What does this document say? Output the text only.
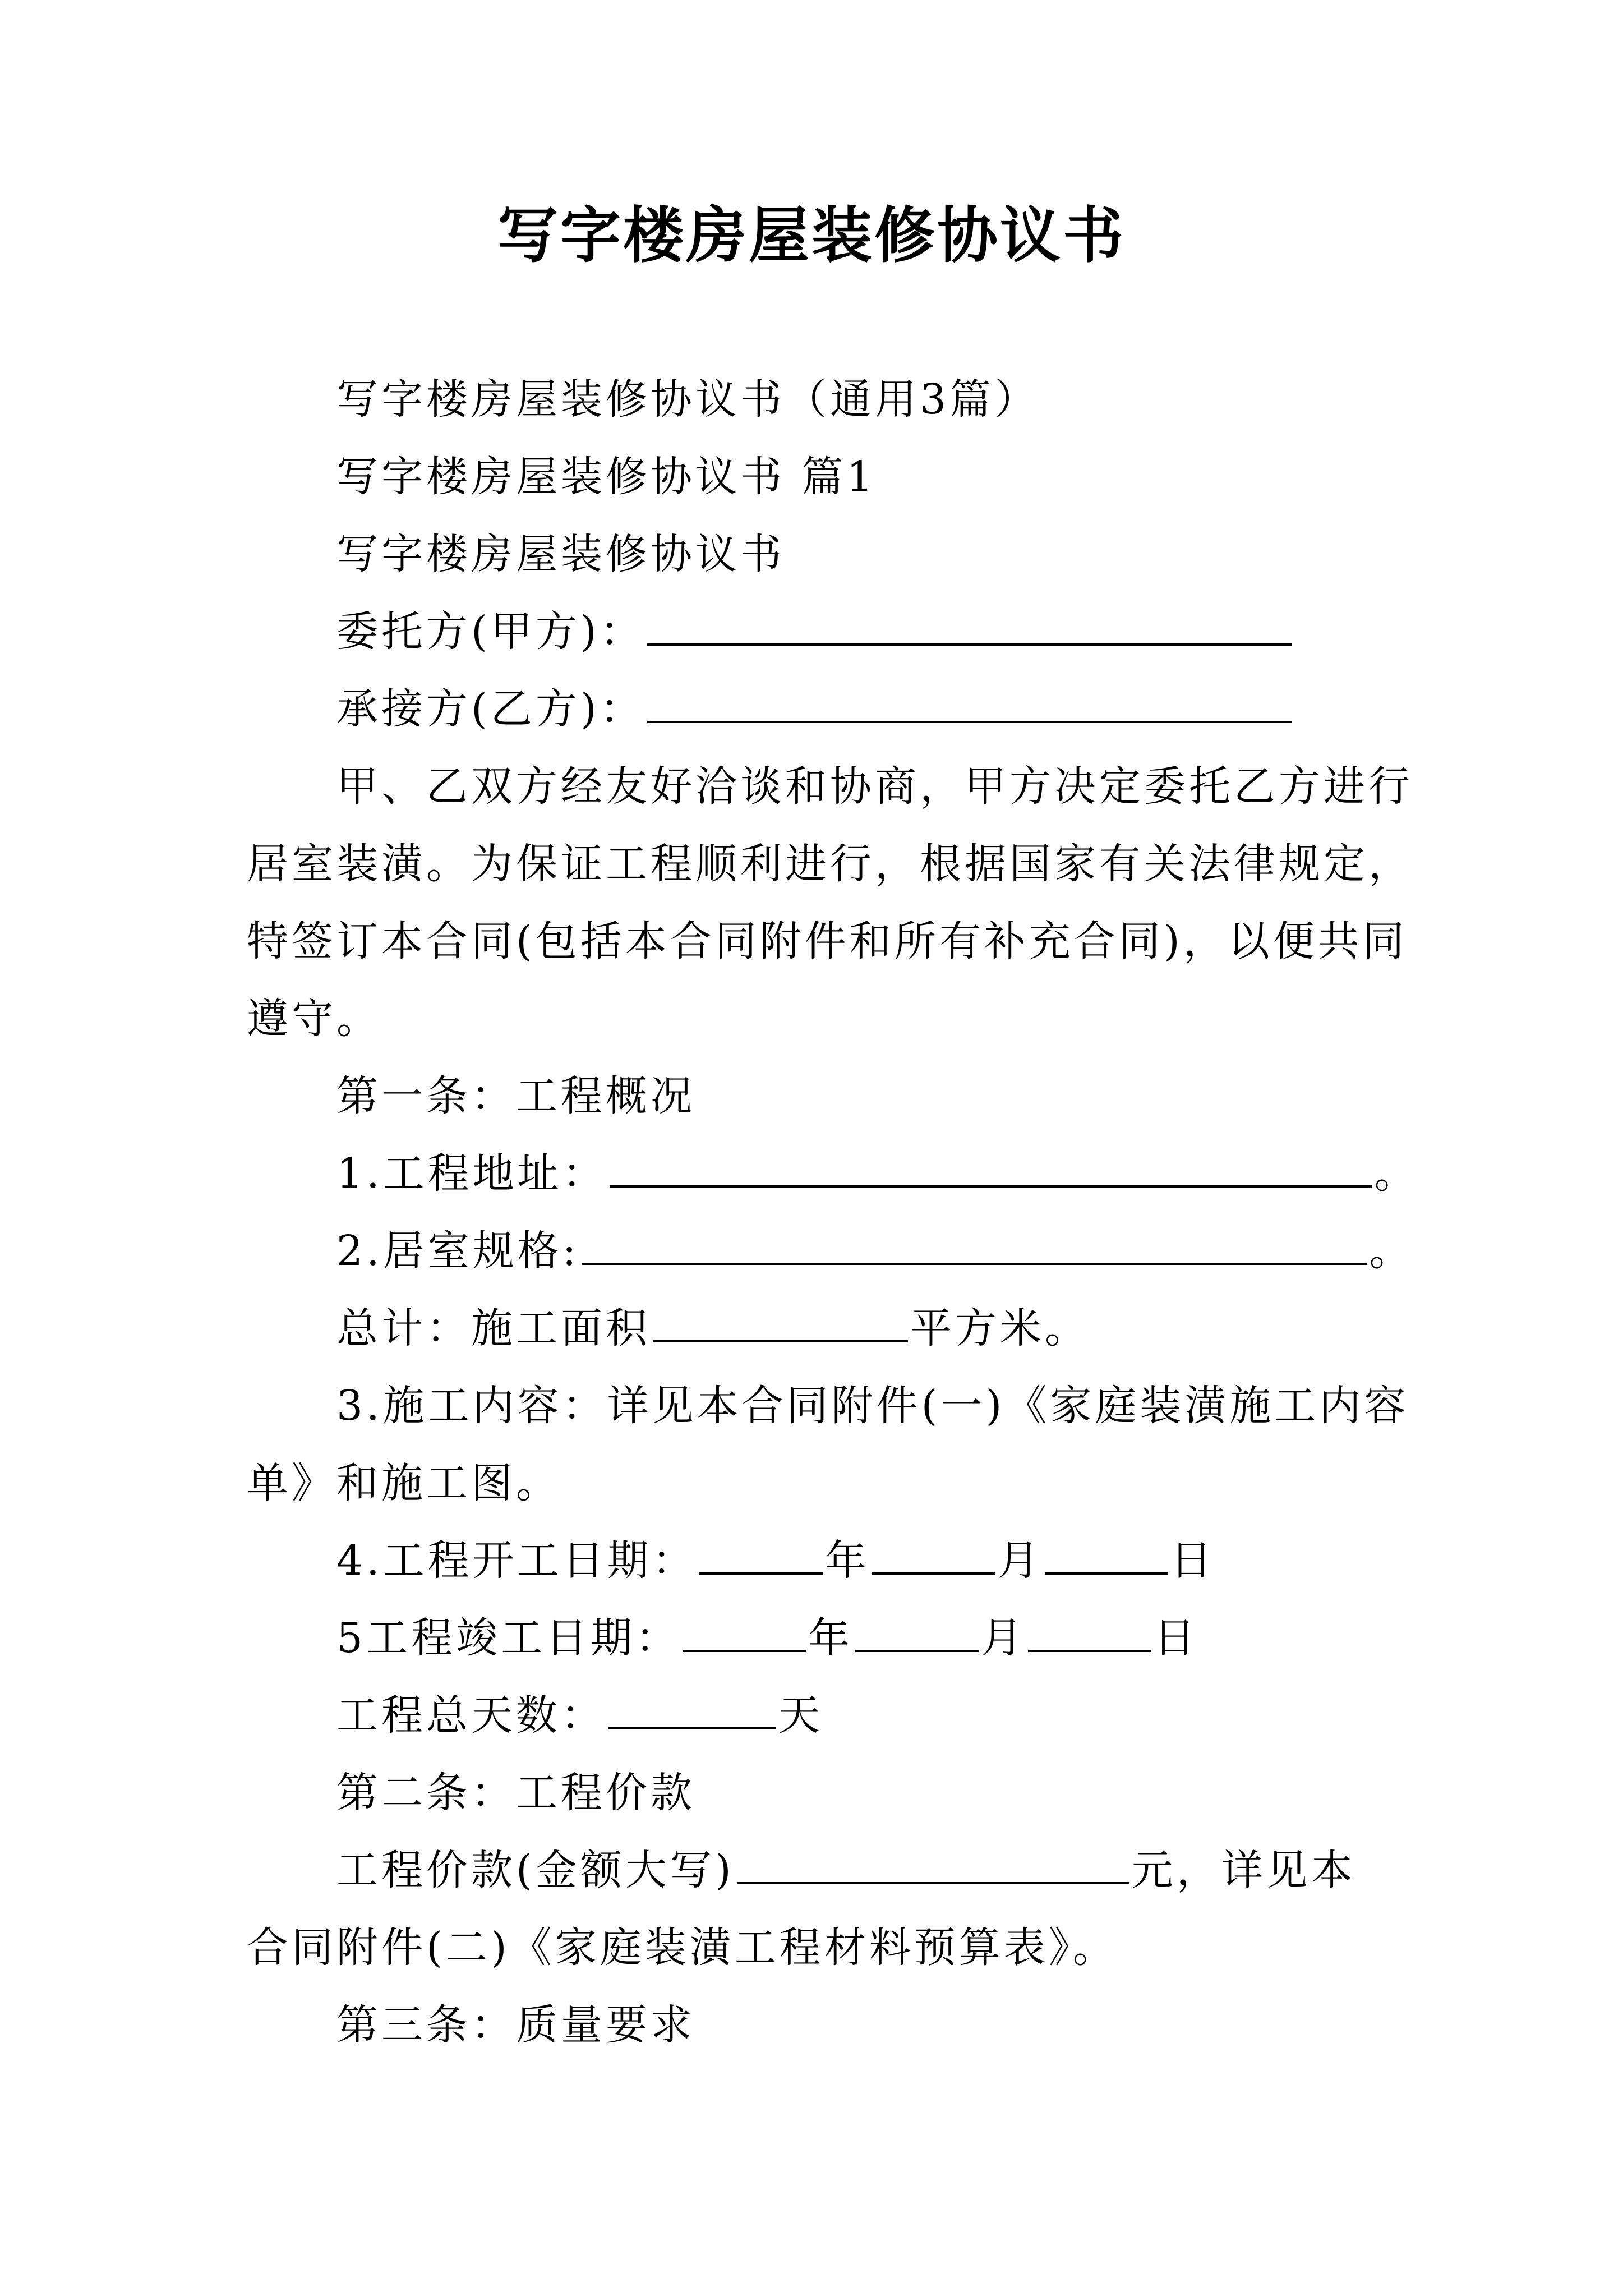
写字楼房屋装修协议书
写字楼房屋装修协议书（通用3篇）
写字楼房屋装修协议书 篇1
写字楼房屋装修协议书
委托方(甲方)：
承接方(乙方)：
甲、乙双方经友好洽谈和协商，甲方决定委托乙方进行
居室装潢。为保证工程顺利进行，根据国家有关法律规定，
特签订本合同(包括本合同附件和所有补充合同)，以便共同
遵守。
第一条：工程概况
1.工程地址：	。
2.居室规格:	。
总计：施工面积	平方米。
3.施工内容：详见本合同附件(一)《家庭装潢施工内容
单》和施工图。
4.工程开工日期：	年	月	日
5工程竣工日期：	年	月	日
工程总天数：	天
第二条：工程价款
工程价款(金额大写)	元，详见本
合同附件(二)《家庭装潢工程材料预算表》。
第三条：质量要求
